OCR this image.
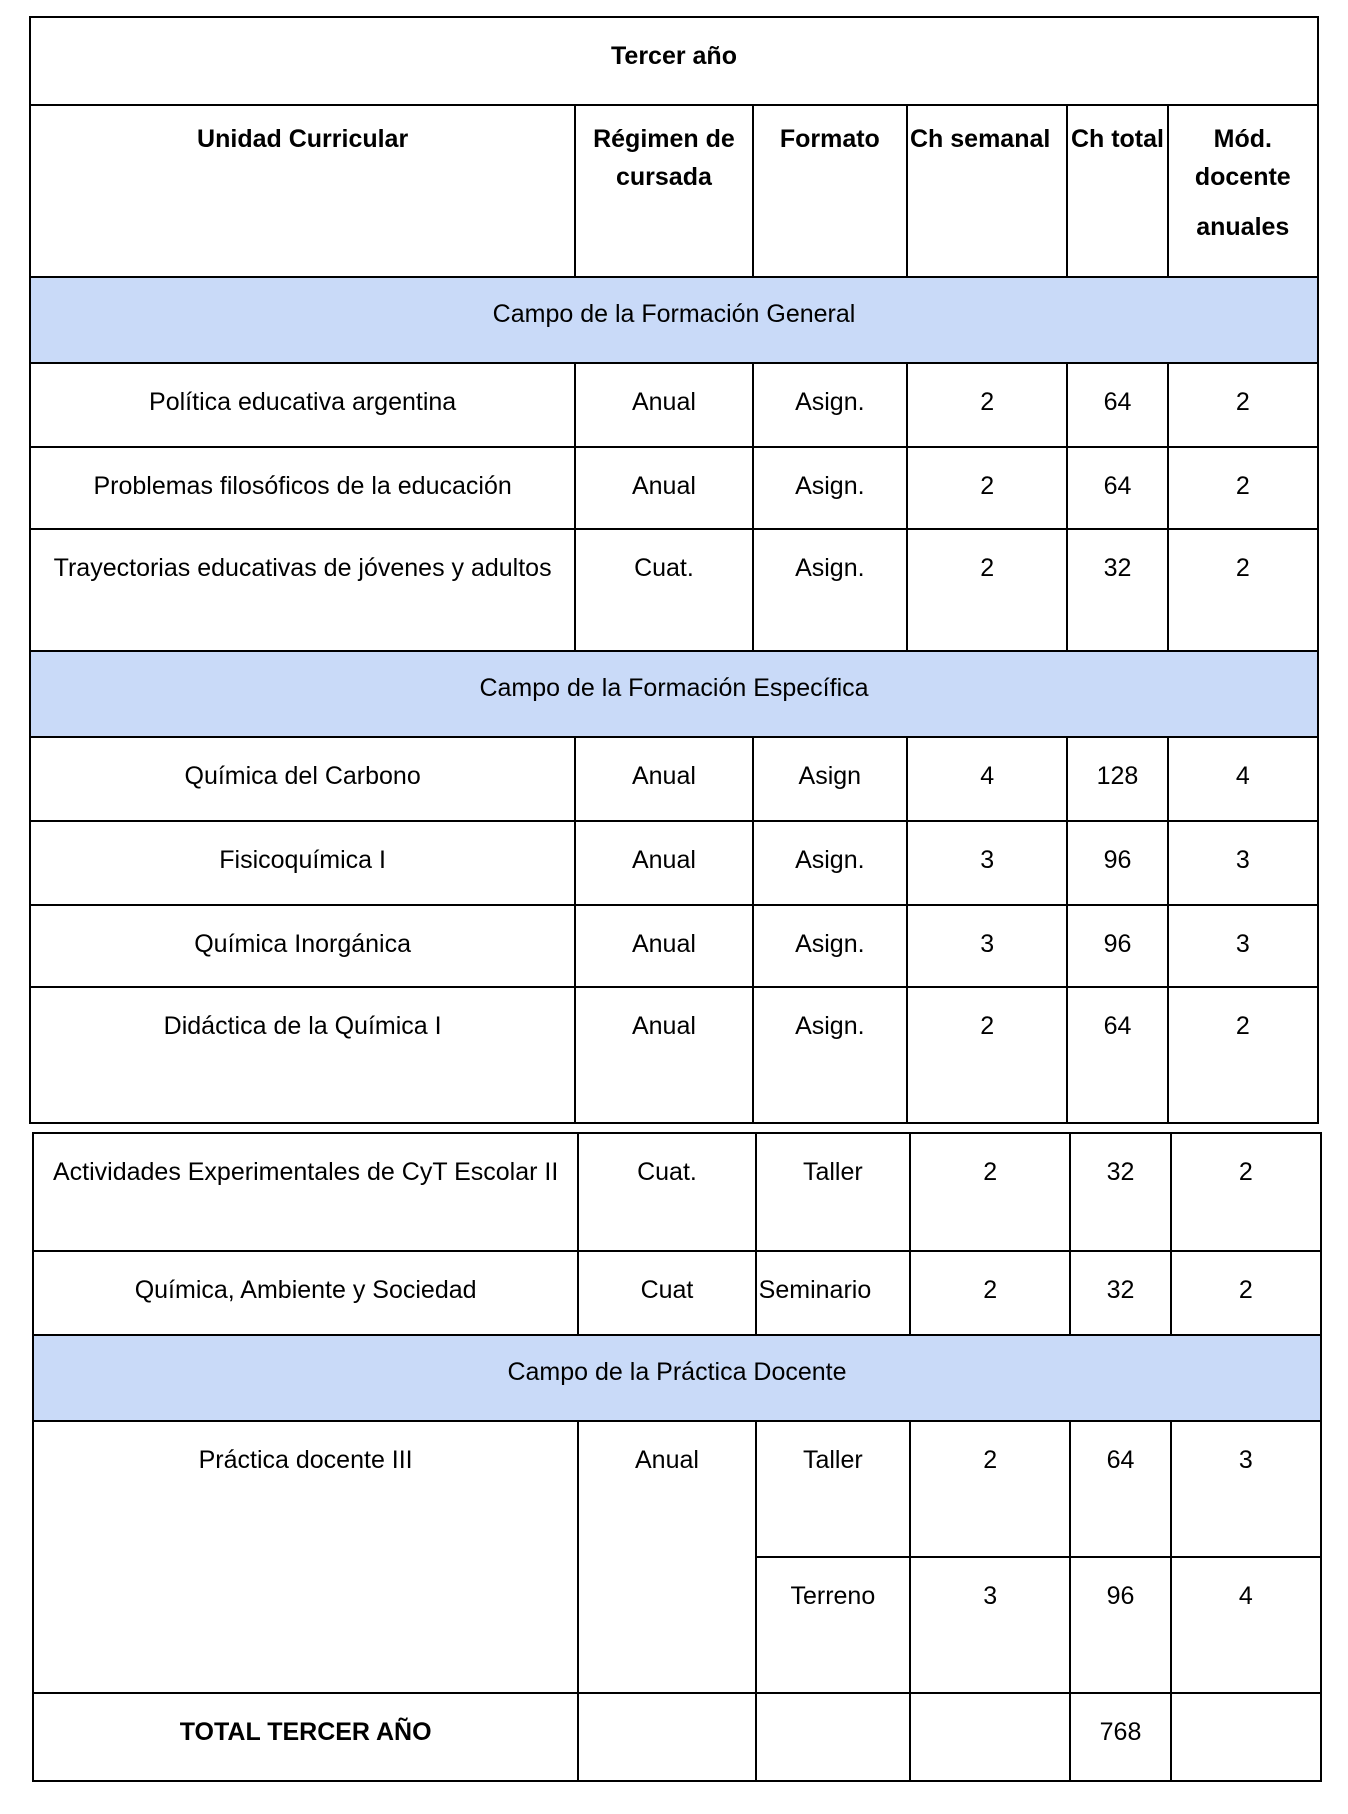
Tercer año					
Unidad Curricular	Régimen de cursada	Formato	Ch semanal	Ch total	Mód. docente
anuales

Campo de la Formación General					
Política educativa argentina	Anual	Asign.	2	64	2
Problemas filosóficos de la educación	Anual	Asign.	2	64	2
Trayectorias educativas de jóvenes y adultos	Cuat.	Asign.	2	32	2
Campo de la Formación Específica					
Química del Carbono	Anual	Asign	4	128	4
Fisicoquímica I	Anual	Asign.	3	96	3
Química Inorgánica	Anual	Asign.	3	96	3
Didáctica de la Química I	Anual	Asign.	2	64	2
Actividades Experimentales de CyT Escolar II	Cuat.	Taller	2	32	2
Química, Ambiente y Sociedad	Cuat	Seminario	2	32	2
Campo de la Práctica Docente					
Práctica docente III	Anual	Taller	2	64	3
		Terreno	3	96	4
TOTAL TERCER AÑO				768	
